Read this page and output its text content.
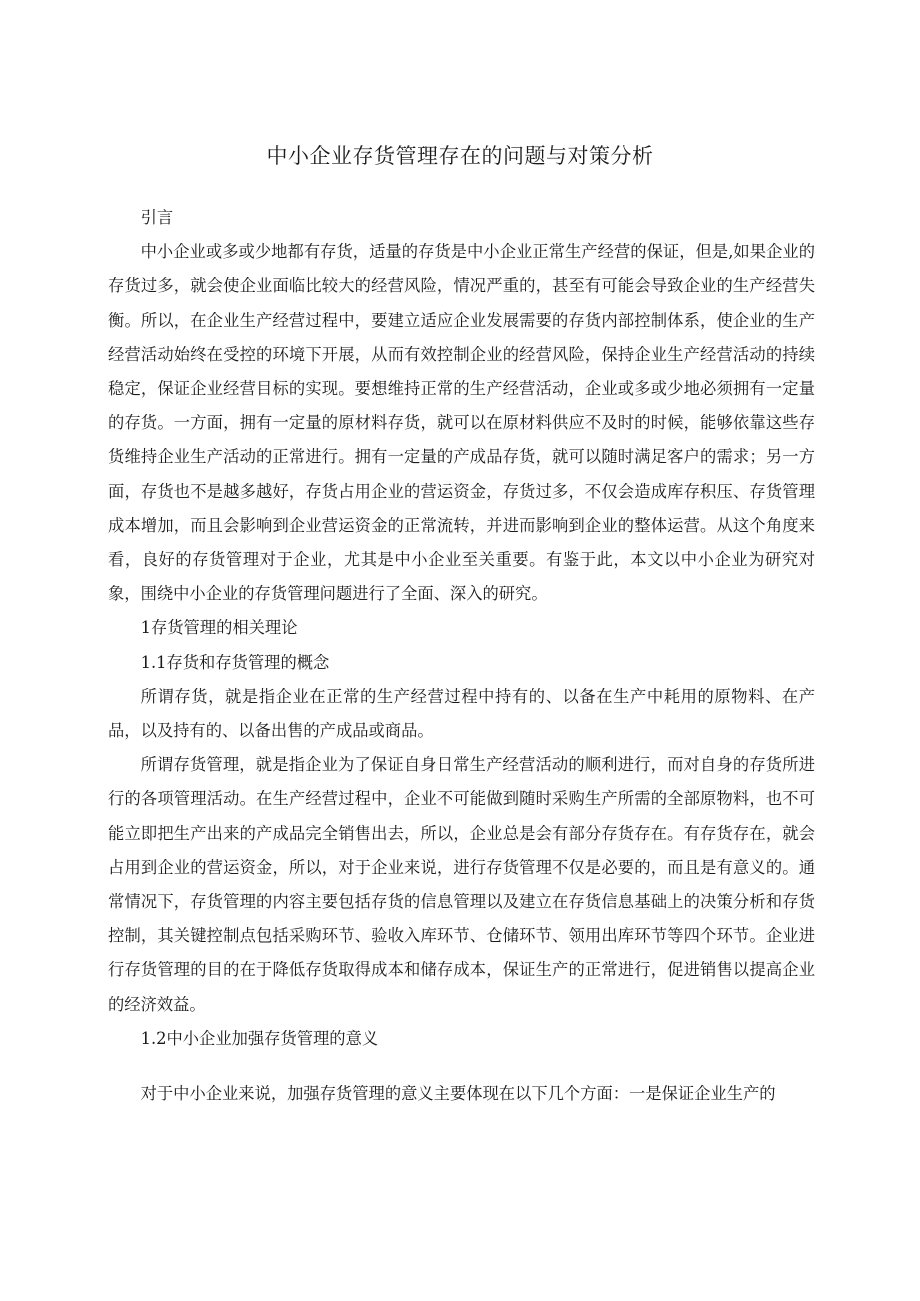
中小企业存货管理存在的问题与对策分析

引言

中小企业或多或少地都有存货，适量的存货是中小企业正常生产经营的保证，但是,如果企业的存货过多，就会使企业面临比较大的经营风险，情况严重的，甚至有可能会导致企业的生产经营失衡。所以，在企业生产经营过程中，要建立适应企业发展需要的存货内部控制体系，使企业的生产经营活动始终在受控的环境下开展，从而有效控制企业的经营风险，保持企业生产经营活动的持续稳定，保证企业经营目标的实现。要想维持正常的生产经营活动，企业或多或少地必须拥有一定量的存货。一方面，拥有一定量的原材料存货，就可以在原材料供应不及时的时候，能够依靠这些存货维持企业生产活动的正常进行。拥有一定量的产成品存货，就可以随时满足客户的需求；另一方面，存货也不是越多越好，存货占用企业的营运资金，存货过多，不仅会造成库存积压、存货管理成本增加，而且会影响到企业营运资金的正常流转，并进而影响到企业的整体运营。从这个角度来看，良好的存货管理对于企业，尤其是中小企业至关重要。有鉴于此，本文以中小企业为研究对象，围绕中小企业的存货管理问题进行了全面、深入的研究。

1存货管理的相关理论

1.1存货和存货管理的概念

所谓存货，就是指企业在正常的生产经营过程中持有的、以备在生产中耗用的原物料、在产品，以及持有的、以备出售的产成品或商品。

所谓存货管理，就是指企业为了保证自身日常生产经营活动的顺利进行，而对自身的存货所进行的各项管理活动。在生产经营过程中，企业不可能做到随时采购生产所需的全部原物料，也不可能立即把生产出来的产成品完全销售出去，所以，企业总是会有部分存货存在。有存货存在，就会占用到企业的营运资金，所以，对于企业来说，进行存货管理不仅是必要的，而且是有意义的。通常情况下，存货管理的内容主要包括存货的信息管理以及建立在存货信息基础上的决策分析和存货控制，其关键控制点包括采购环节、验收入库环节、仓储环节、领用出库环节等四个环节。企业进行存货管理的目的在于降低存货取得成本和储存成本，保证生产的正常进行，促进销售以提高企业的经济效益。

1.2中小企业加强存货管理的意义

对于中小企业来说，加强存货管理的意义主要体现在以下几个方面：一是保证企业生产的
